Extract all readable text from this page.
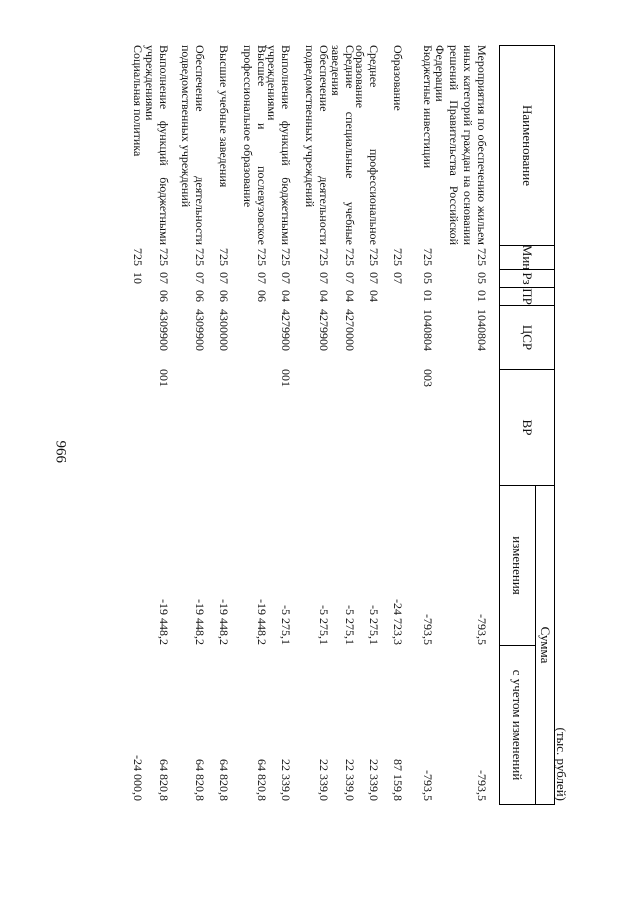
966
(тыс. рублей)
Наименование
Мин
Рз
ПР
ЦСР
ВР
Сумма
изменения
с учетом изменений
Мероприятия по обеспечению жильем иных категорий граждан на основании решений Правительства Российской Федерации
725
05
01
1040804
-793,5
-793,5
Бюджетные инвестиции
725
05
01
1040804
003
-793,5
-793,5
Образование
725
07
-24 723,3
87 159,8
Среднее профессиональное образование
725
07
04
-5 275,1
22 339,0
Средние специальные учебные заведения
725
07
04
4270000
-5 275,1
22 339,0
Обеспечение деятельности подведомственных учреждений
725
07
04
4279900
-5 275,1
22 339,0
Выполнение функций бюджетными учреждениями
725
07
04
4279900
001
-5 275,1
22 339,0
Высшее и послевузовское профессиональное образование
725
07
06
-19 448,2
64 820,8
Высшие учебные заведения
725
07
06
4300000
-19 448,2
64 820,8
Обеспечение деятельности подведомственных учреждений
725
07
06
4309900
-19 448,2
64 820,8
Выполнение функций бюджетными учреждениями
725
07
06
4309900
001
-19 448,2
64 820,8
Социальная политика
725
10
-24 000,0
